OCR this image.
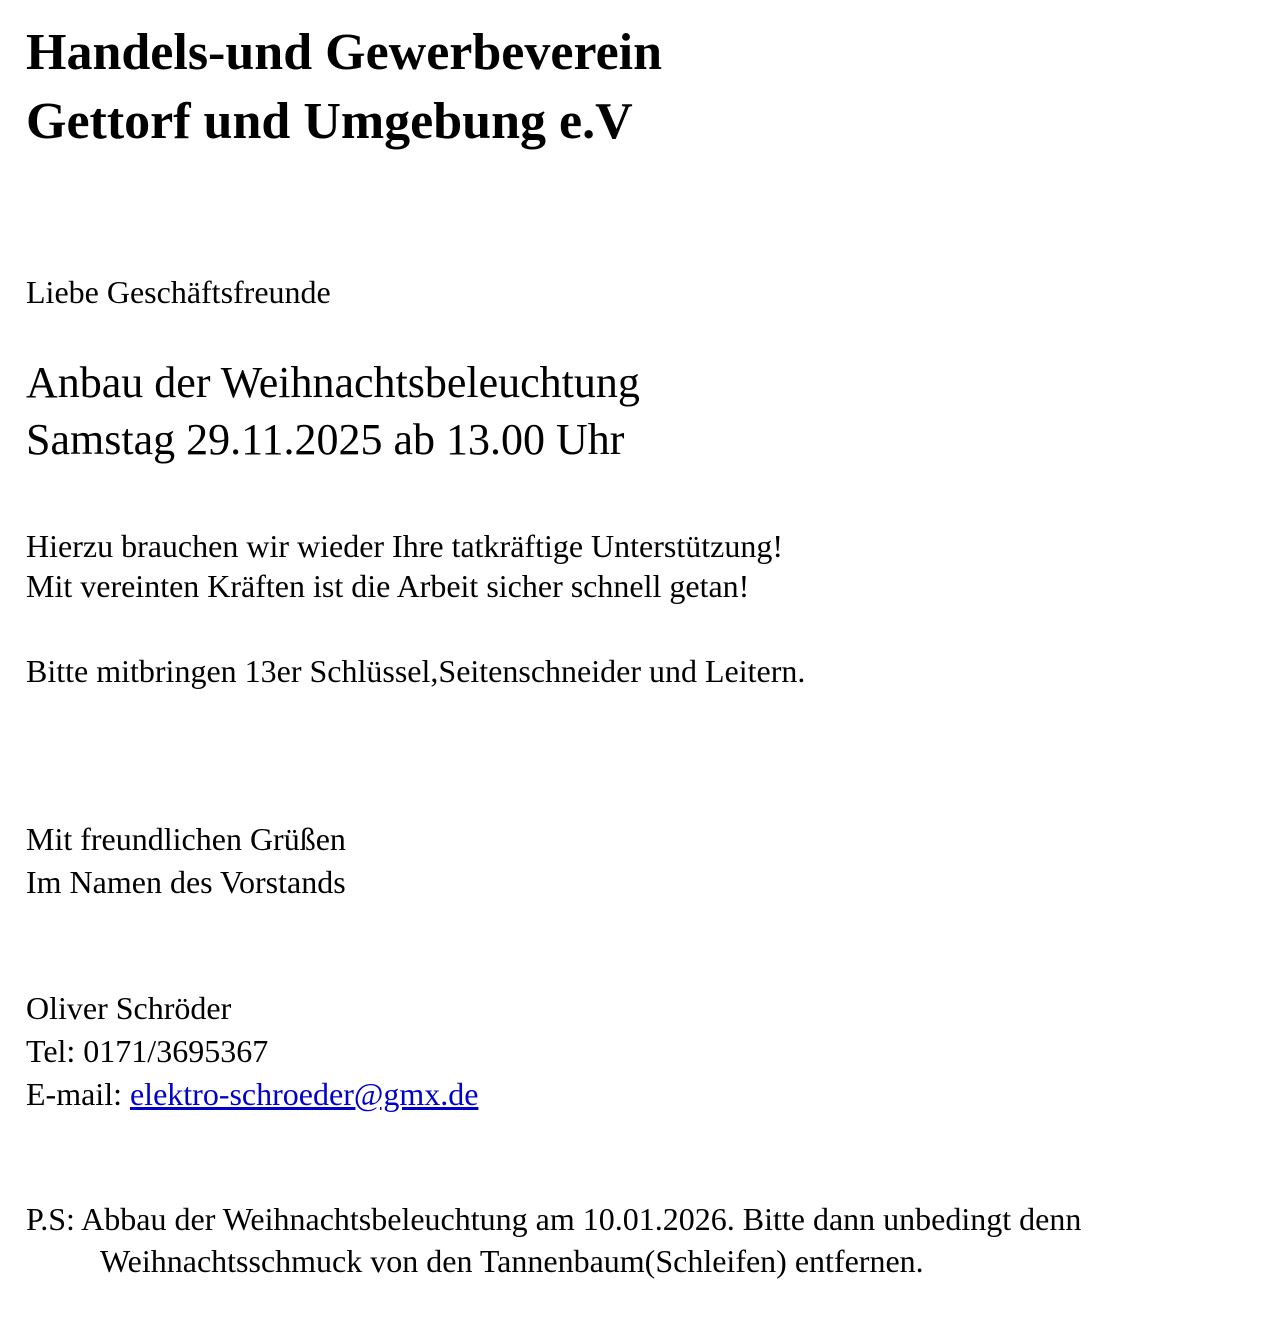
Handels-und Gewerbeverein
Gettorf und Umgebung e.V
Liebe Geschäftsfreunde
Anbau der Weihnachtsbeleuchtung
Samstag 29.11.2025 ab 13.00 Uhr
Hierzu brauchen wir wieder Ihre tatkräftige Unterstützung!
Mit vereinten Kräften ist die Arbeit sicher schnell getan!
Bitte mitbringen 13er Schlüssel,Seitenschneider und Leitern.
Mit freundlichen Grüßen
Im Namen des Vorstands
Oliver Schröder
Tel: 0171/3695367
E-mail: elektro-schroeder@gmx.de
P.S: Abbau der Weihnachtsbeleuchtung am 10.01.2026. Bitte dann unbedingt denn
Weihnachtsschmuck von den Tannenbaum(Schleifen) entfernen.
